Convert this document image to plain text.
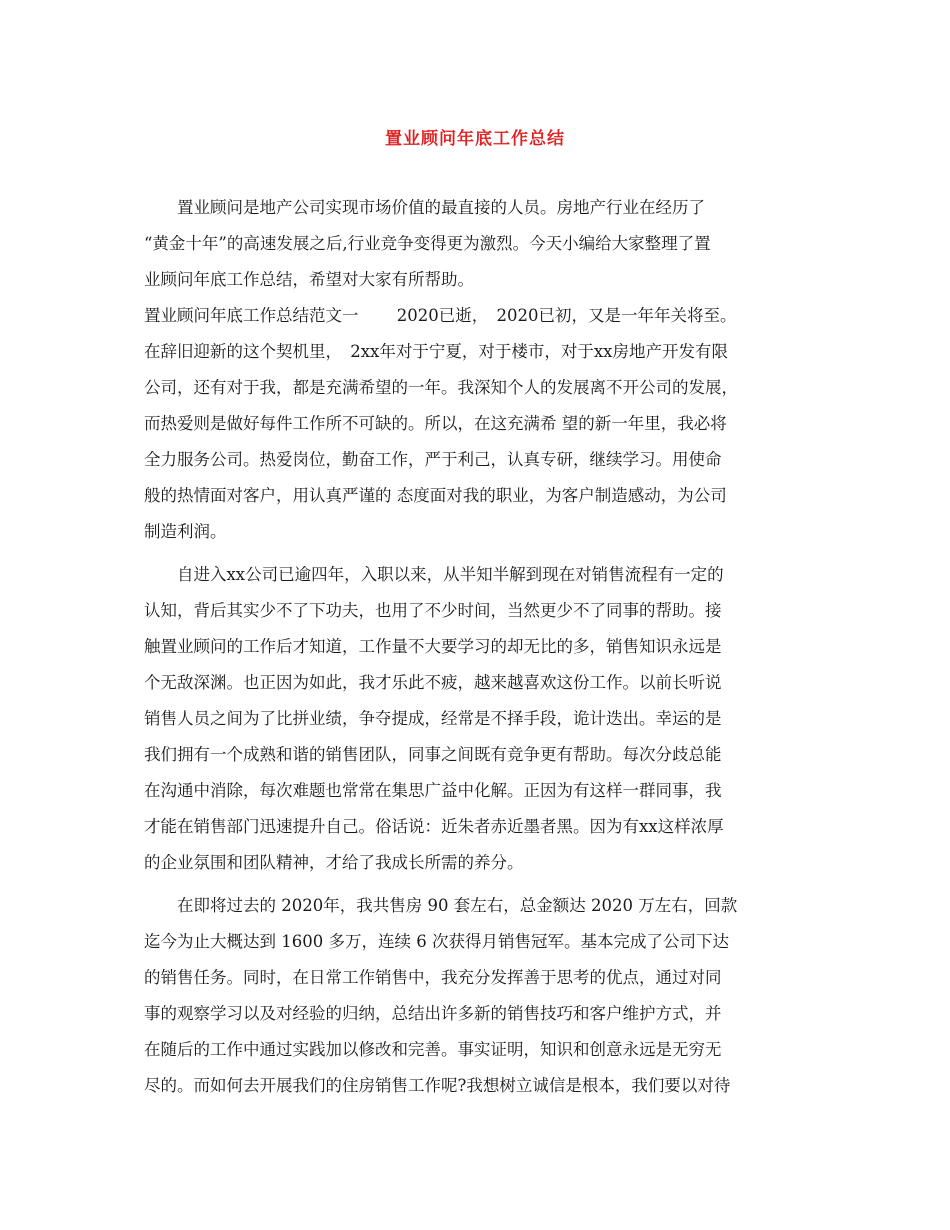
置业顾问年底工作总结

　　置业顾问是地产公司实现市场价值的最直接的人员。房地产行业在经历了

“黄金十年”的高速发展之后,行业竞争变得更为激烈。今天小编给大家整理了置

业顾问年底工作总结，希望对大家有所帮助。

置业顾问年底工作总结范文一　　 2020已逝，　2020已初，又是一年年关将至。

在辞旧迎新的这个契机里，　2xx年对于宁夏，对于楼市，对于xx房地产开发有限

公司，还有对于我，都是充满希望的一年。我深知个人的发展离不开公司的发展，

而热爱则是做好每件工作所不可缺的。所以，在这充满希 望的新一年里，我必将

全力服务公司。热爱岗位，勤奋工作，严于利己，认真专研，继续学习。用使命

般的热情面对客户，用认真严谨的 态度面对我的职业，为客户制造感动，为公司

制造利润。

　　自进入xx公司已逾四年，入职以来，从半知半解到现在对销售流程有一定的

认知，背后其实少不了下功夫，也用了不少时间，当然更少不了同事的帮助。接

触置业顾问的工作后才知道，工作量不大要学习的却无比的多，销售知识永远是

个无敌深渊。也正因为如此，我才乐此不疲，越来越喜欢这份工作。以前长听说

销售人员之间为了比拼业绩，争夺提成，经常是不择手段，诡计迭出。幸运的是

我们拥有一个成熟和谐的销售团队，同事之间既有竞争更有帮助。每次分歧总能

在沟通中消除，每次难题也常常在集思广益中化解。正因为有这样一群同事，我

才能在销售部门迅速提升自己。俗话说：近朱者赤近墨者黑。因为有xx这样浓厚

的企业氛围和团队精神，才给了我成长所需的养分。

　　在即将过去的 2020年，我共售房 90 套左右，总金额达 2020 万左右，回款

迄今为止大概达到 1600 多万，连续 6 次获得月销售冠军。基本完成了公司下达

的销售任务。同时，在日常工作销售中，我充分发挥善于思考的优点，通过对同

事的观察学习以及对经验的归纳，总结出许多新的销售技巧和客户维护方式，并

在随后的工作中通过实践加以修改和完善。事实证明，知识和创意永远是无穷无

尽的。而如何去开展我们的住房销售工作呢?我想树立诚信是根本，我们要以对待
